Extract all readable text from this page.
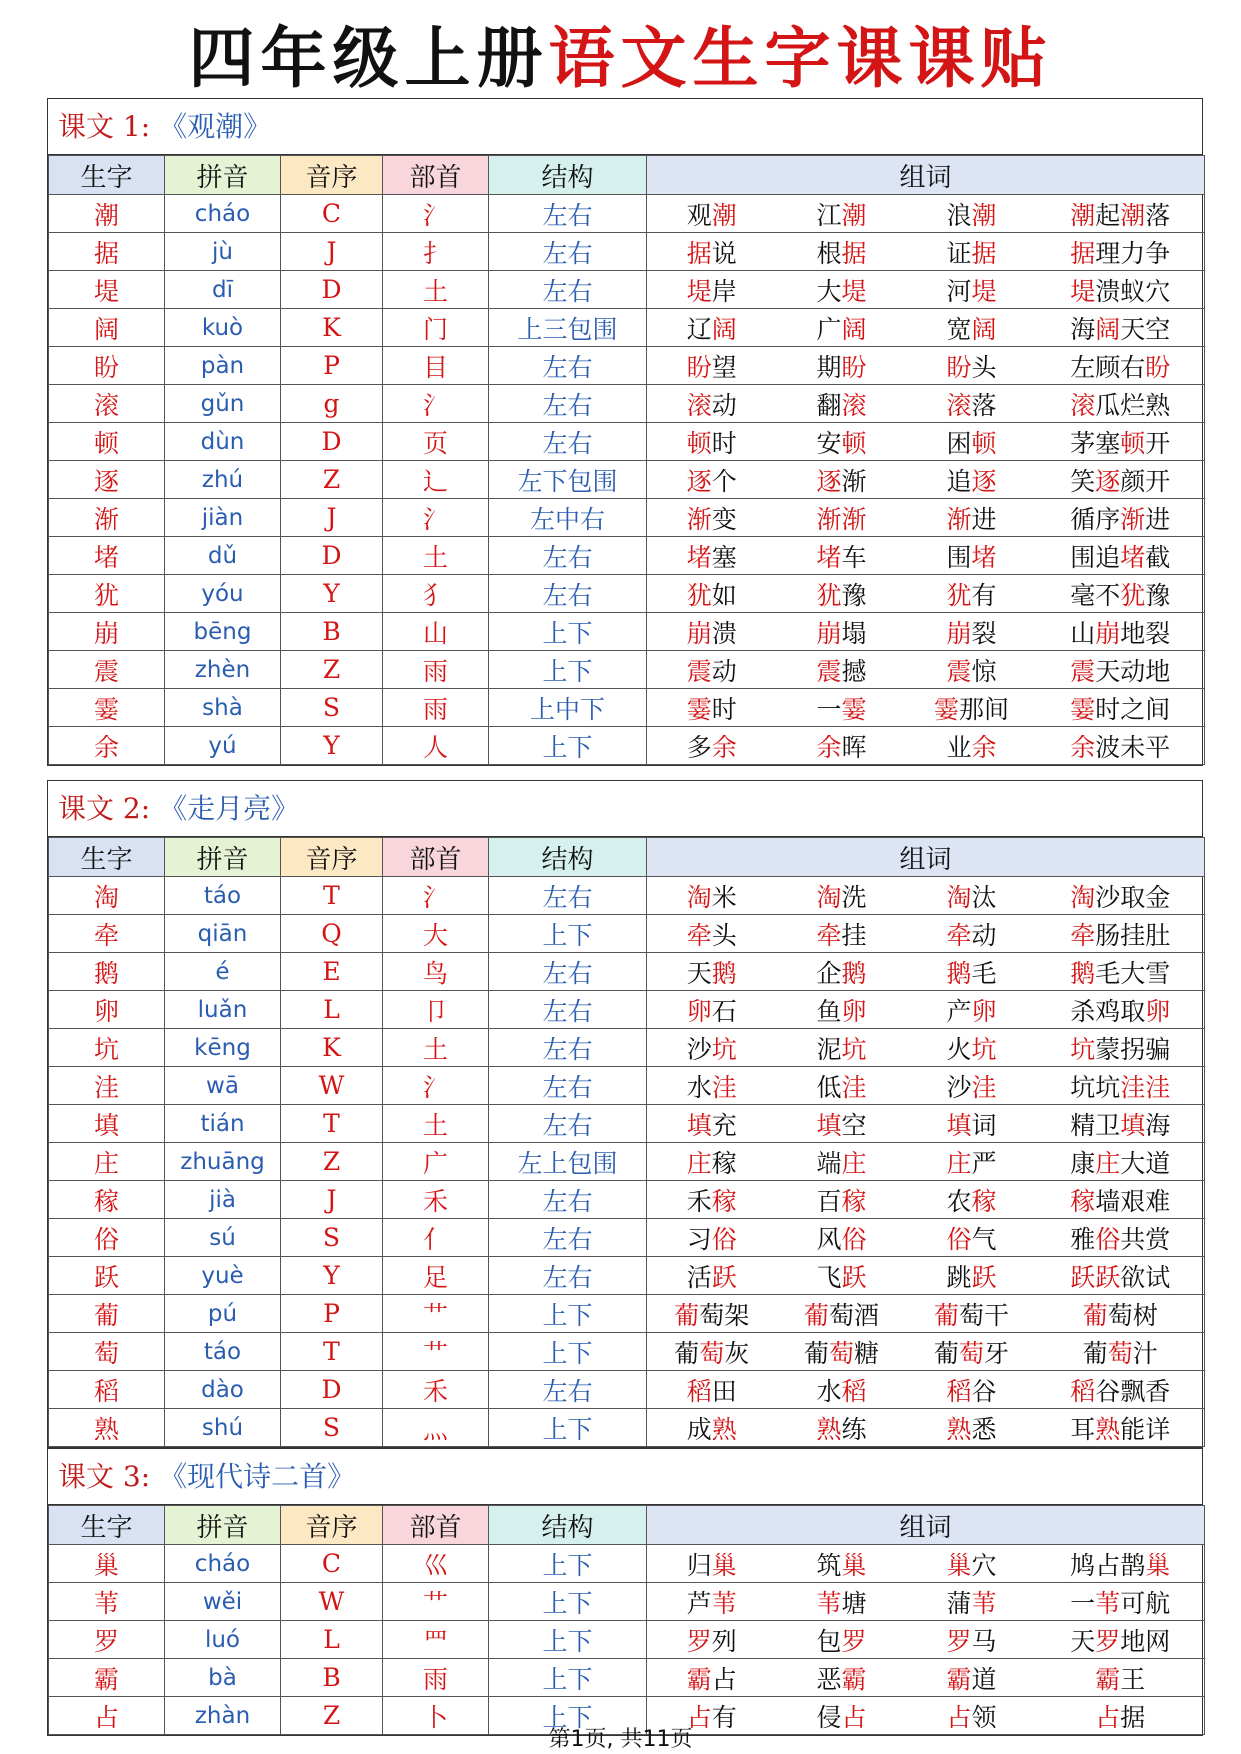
四年级上册语文生字课课贴
课文 1: 《观潮》
生字	拼音	音序	部首	结构	组词			
潮	cháo	C	氵	左右	观潮	江潮	浪潮	潮起潮落
据	jù	J	扌	左右	据说	根据	证据	据理力争
堤	dī	D	土	左右	堤岸	大堤	河堤	堤溃蚁穴
阔	kuò	K	门	上三包围	辽阔	广阔	宽阔	海阔天空
盼	pàn	P	目	左右	盼望	期盼	盼头	左顾右盼
滚	gǔn	g	氵	左右	滚动	翻滚	滚落	滚瓜烂熟
顿	dùn	D	页	左右	顿时	安顿	困顿	茅塞顿开
逐	zhú	Z	辶	左下包围	逐个	逐渐	追逐	笑逐颜开
渐	jiàn	J	氵	左中右	渐变	渐渐	渐进	循序渐进
堵	dǔ	D	土	左右	堵塞	堵车	围堵	围追堵截
犹	yóu	Y	犭	左右	犹如	犹豫	犹有	毫不犹豫
崩	bēng	B	山	上下	崩溃	崩塌	崩裂	山崩地裂
震	zhèn	Z	雨	上下	震动	震撼	震惊	震天动地
霎	shà	S	雨	上中下	霎时	一霎	霎那间	霎时之间
余	yú	Y	人	上下	多余	余晖	业余	余波未平
课文 2: 《走月亮》
生字	拼音	音序	部首	结构	组词			
淘	táo	T	氵	左右	淘米	淘洗	淘汰	淘沙取金
牵	qiān	Q	大	上下	牵头	牵挂	牵动	牵肠挂肚
鹅	é	E	鸟	左右	天鹅	企鹅	鹅毛	鹅毛大雪
卵	luǎn	L	卩	左右	卵石	鱼卵	产卵	杀鸡取卵
坑	kēng	K	土	左右	沙坑	泥坑	火坑	坑蒙拐骗
洼	wā	W	氵	左右	水洼	低洼	沙洼	坑坑洼洼
填	tián	T	土	左右	填充	填空	填词	精卫填海
庄	zhuāng	Z	广	左上包围	庄稼	端庄	庄严	康庄大道
稼	jià	J	禾	左右	禾稼	百稼	农稼	稼墙艰难
俗	sú	S	亻	左右	习俗	风俗	俗气	雅俗共赏
跃	yuè	Y	足	左右	活跃	飞跃	跳跃	跃跃欲试
葡	pú	P	艹	上下	葡萄架	葡萄酒	葡萄干	葡萄树
萄	táo	T	艹	上下	葡萄灰	葡萄糖	葡萄牙	葡萄汁
稻	dào	D	禾	左右	稻田	水稻	稻谷	稻谷飘香
熟	shú	S	灬	上下	成熟	熟练	熟悉	耳熟能详
课文 3: 《现代诗二首》
生字	拼音	音序	部首	结构	组词			
巢	cháo	C	巛	上下	归巢	筑巢	巢穴	鸠占鹊巢
苇	wěi	W	艹	上下	芦苇	苇塘	蒲苇	一苇可航
罗	luó	L	罒	上下	罗列	包罗	罗马	天罗地网
霸	bà	B	雨	上下	霸占	恶霸	霸道	霸王
占	zhàn	Z	卜	上下	占有	侵占	占领	占据
第1页, 共11页
